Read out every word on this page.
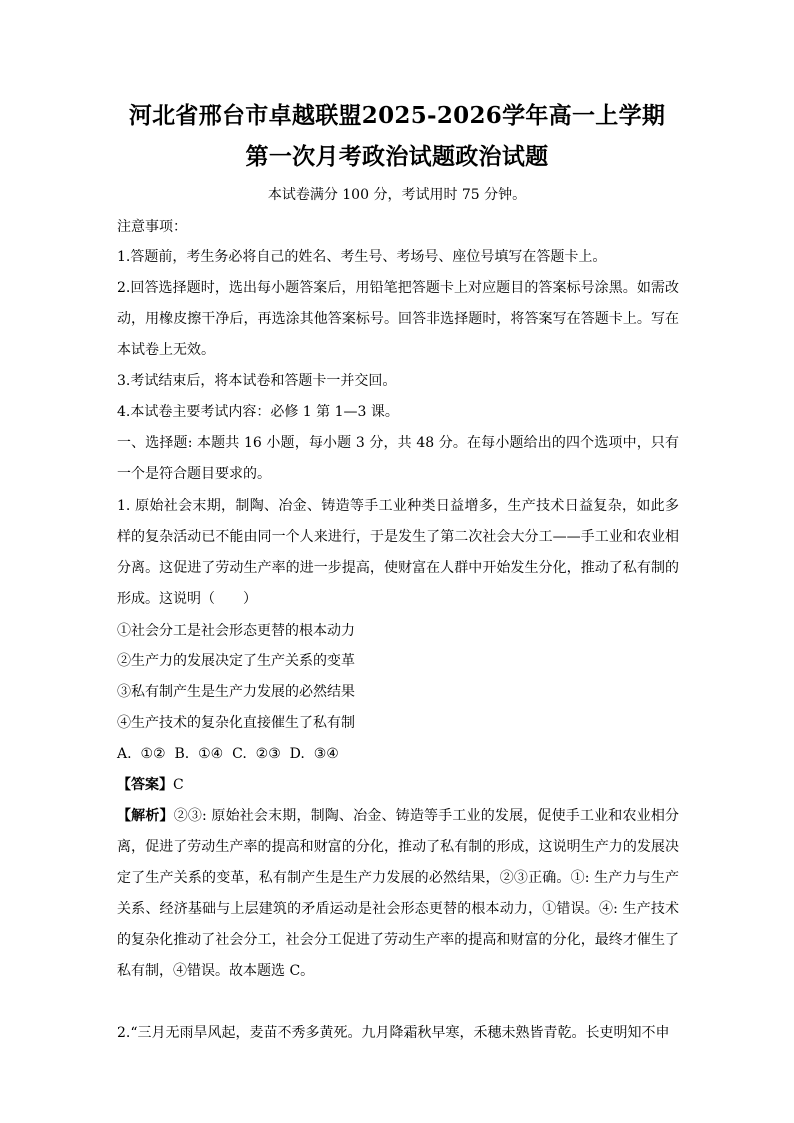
河北省邢台市卓越联盟2025-2026学年高一上学期
第一次月考政治试题政治试题
本试卷满分 100 分，考试用时 75 分钟。
注意事项：
1.答题前，考生务必将自己的姓名、考生号、考场号、座位号填写在答题卡上。
2.回答选择题时，选出每小题答案后，用铅笔把答题卡上对应题目的答案标号涂黑。如需改动，用橡皮擦干净后，再选涂其他答案标号。回答非选择题时，将答案写在答题卡上。写在本试卷上无效。
3.考试结束后，将本试卷和答题卡一并交回。
4.本试卷主要考试内容：必修 1 第 1—3 课。
一、选择题: 本题共 16 小题，每小题 3 分，共 48 分。在每小题给出的四个选项中，只有一个是符合题目要求的。
1. 原始社会末期，制陶、冶金、铸造等手工业种类日益增多，生产技术日益复杂，如此多样的复杂活动已不能由同一个人来进行，于是发生了第二次社会大分工——手工业和农业相分离。这促进了劳动生产率的进一步提高，使财富在人群中开始发生分化，推动了私有制的形成。这说明（　　）
①社会分工是社会形态更替的根本动力
②生产力的发展决定了生产关系的变革
③私有制产生是生产力发展的必然结果
④生产技术的复杂化直接催生了私有制
A.  ①②  B.  ①④  C.  ②③  D.  ③④
【答案】C
【解析】②③: 原始社会末期，制陶、冶金、铸造等手工业的发展，促使手工业和农业相分离，促进了劳动生产率的提高和财富的分化，推动了私有制的形成，这说明生产力的发展决定了生产关系的变革，私有制产生是生产力发展的必然结果，②③正确。①: 生产力与生产关系、经济基础与上层建筑的矛盾运动是社会形态更替的根本动力，①错误。④: 生产技术的复杂化推动了社会分工，社会分工促进了劳动生产率的提高和财富的分化，最终才催生了私有制，④错误。故本题选 C。
2.“三月无雨旱风起，麦苗不秀多黄死。九月降霜秋早寒，禾穗未熟皆青乾。长吏明知不申
